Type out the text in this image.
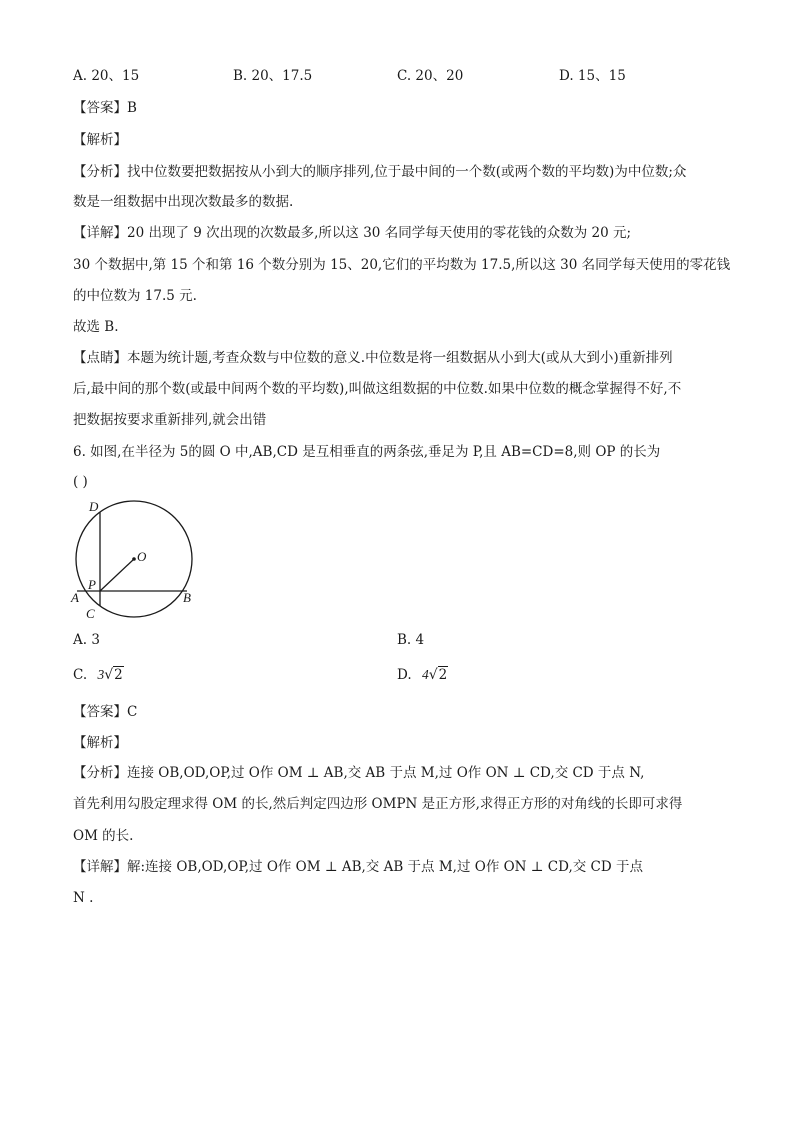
A. 20、15	B. 20、17.5	C. 20、20	D. 15、15
【答案】B
【解析】
【分析】找中位数要把数据按从小到大的顺序排列,位于最中间的一个数(或两个数的平均数)为中位数;众
数是一组数据中出现次数最多的数据.
【详解】20 出现了 9 次出现的次数最多,所以这 30 名同学每天使用的零花钱的众数为 20 元;
30 个数据中,第 15 个和第 16 个数分别为 15、20,它们的平均数为 17.5,所以这 30 名同学每天使用的零花钱
的中位数为 17.5 元.
故选 B.
【点睛】本题为统计题,考查众数与中位数的意义.中位数是将一组数据从小到大(或从大到小)重新排列
后,最中间的那个数(或最中间两个数的平均数),叫做这组数据的中位数.如果中位数的概念掌握得不好,不
把数据按要求重新排列,就会出错
6. 如图,在半径为 5的圆 O 中,AB,CD 是互相垂直的两条弦,垂足为 P,且 AB=CD=8,则 OP 的长为
( )
D
O
P
A	B
C
A. 3	B. 4
C. 3√2	D. 4√2
【答案】C
【解析】
【分析】连接 OB,OD,OP,过 O作 OM ⊥ AB,交 AB 于点 M,过 O作 ON ⊥ CD,交 CD 于点 N,
首先利用勾股定理求得 OM 的长,然后判定四边形 OMPN 是正方形,求得正方形的对角线的长即可求得
OM 的长.
【详解】解:连接 OB,OD,OP,过 O作 OM ⊥ AB,交 AB 于点 M,过 O作 ON ⊥ CD,交 CD 于点
N .
